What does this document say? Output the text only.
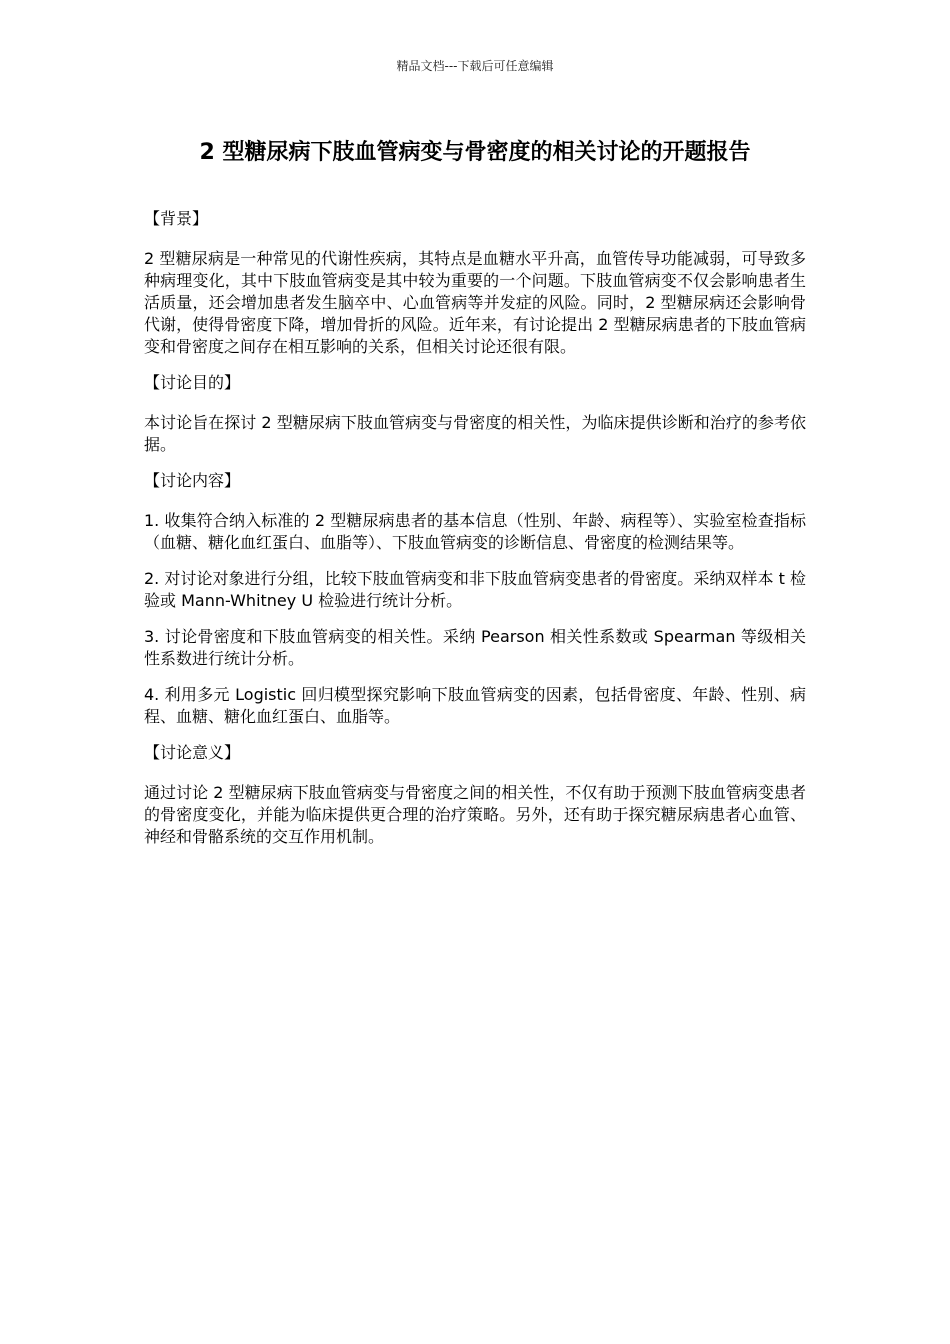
精品文档---下载后可任意编辑
2 型糖尿病下肢血管病变与骨密度的相关讨论的开题报告

【背景】

2 型糖尿病是一种常见的代谢性疾病，其特点是血糖水平升高，血管传导功能减弱，可导致多种病理变化，其中下肢血管病变是其中较为重要的一个问题。下肢血管病变不仅会影响患者生活质量，还会增加患者发生脑卒中、心血管病等并发症的风险。同时，2 型糖尿病还会影响骨代谢，使得骨密度下降，增加骨折的风险。近年来，有讨论提出 2 型糖尿病患者的下肢血管病变和骨密度之间存在相互影响的关系，但相关讨论还很有限。

【讨论目的】

本讨论旨在探讨 2 型糖尿病下肢血管病变与骨密度的相关性，为临床提供诊断和治疗的参考依据。

【讨论内容】

1. 收集符合纳入标准的 2 型糖尿病患者的基本信息（性别、年龄、病程等）、实验室检查指标（血糖、糖化血红蛋白、血脂等）、下肢血管病变的诊断信息、骨密度的检测结果等。

2. 对讨论对象进行分组，比较下肢血管病变和非下肢血管病变患者的骨密度。采纳双样本 t 检验或 Mann-Whitney U 检验进行统计分析。

3. 讨论骨密度和下肢血管病变的相关性。采纳 Pearson 相关性系数或 Spearman 等级相关性系数进行统计分析。

4. 利用多元 Logistic 回归模型探究影响下肢血管病变的因素，包括骨密度、年龄、性别、病程、血糖、糖化血红蛋白、血脂等。

【讨论意义】

通过讨论 2 型糖尿病下肢血管病变与骨密度之间的相关性，不仅有助于预测下肢血管病变患者的骨密度变化，并能为临床提供更合理的治疗策略。另外，还有助于探究糖尿病患者心血管、神经和骨骼系统的交互作用机制。
